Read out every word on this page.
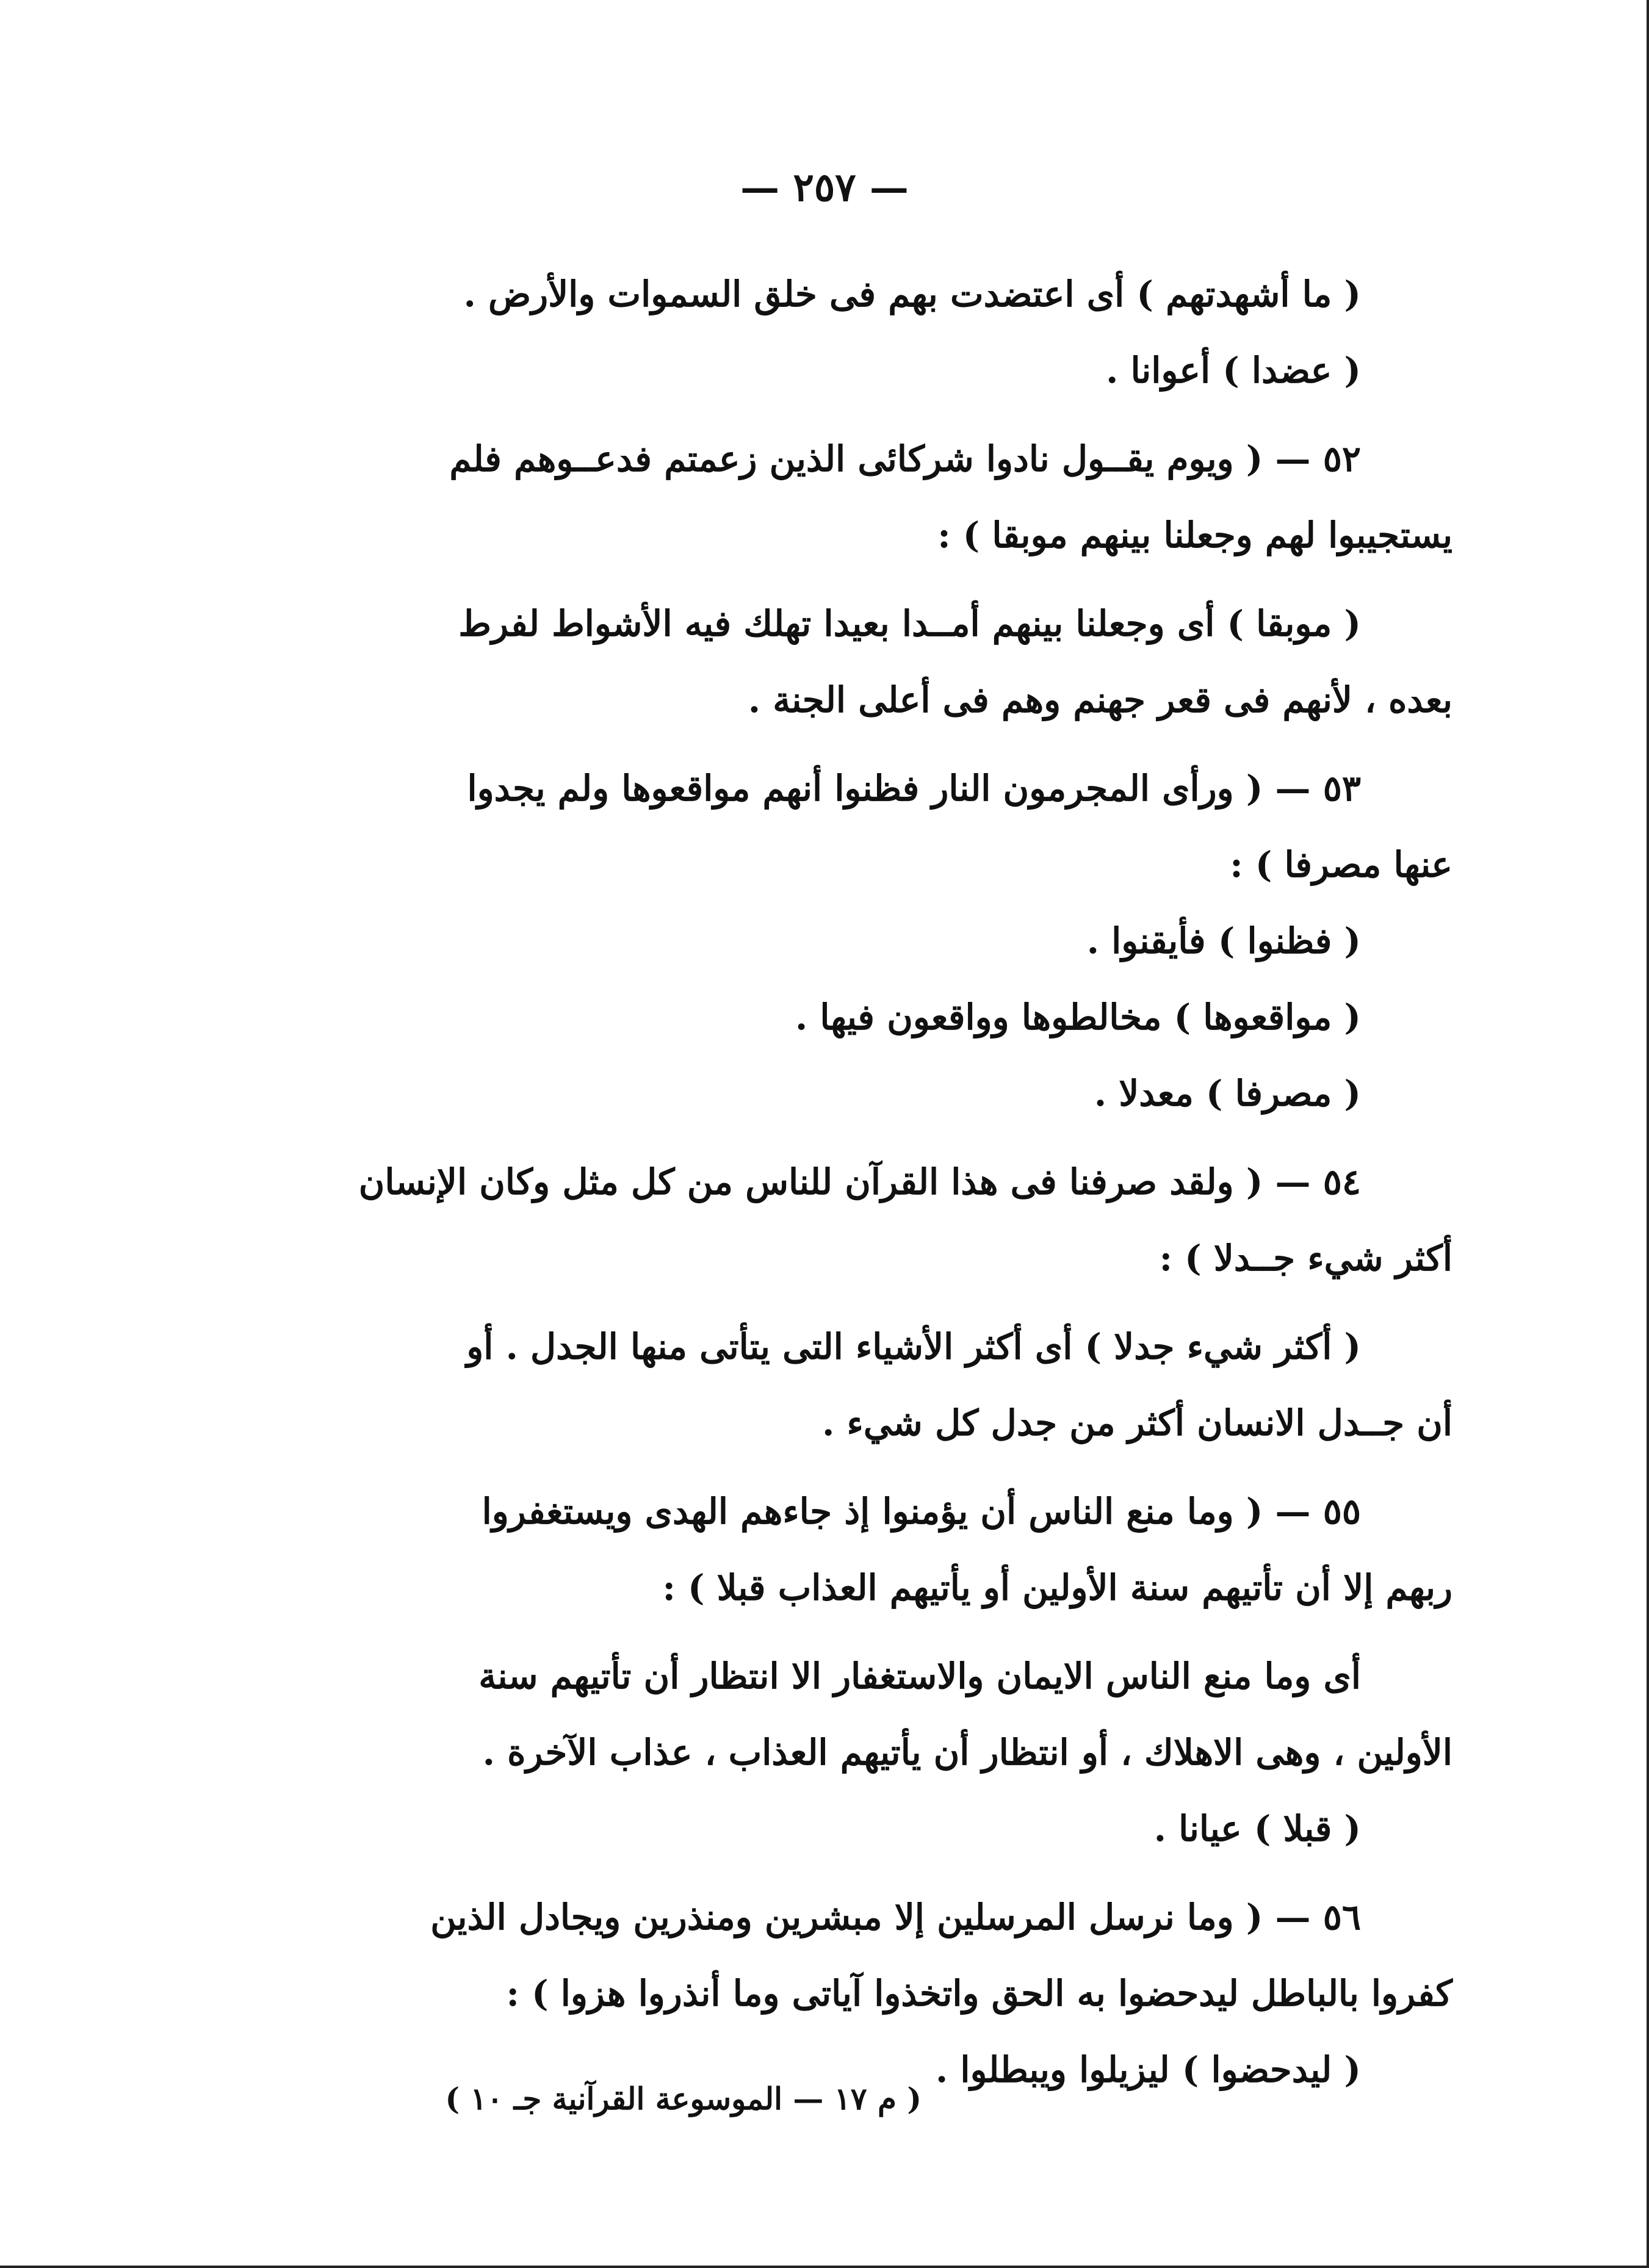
— ٢٥٧ —
( ما أشهدتهم ) أى اعتضدت بهم فى خلق السموات والأرض .
( عضدا ) أعوانا .
٥٢ — ( ويوم يقــول نادوا شركائى الذين زعمتم فدعــوهم فلم
يستجيبوا لهم وجعلنا بينهم موبقا ) :
( موبقا ) أى وجعلنا بينهم أمــدا بعيدا تهلك فيه الأشواط لفرط
بعده ، لأنهم فى قعر جهنم وهم فى أعلى الجنة .
٥٣ — ( ورأى المجرمون النار فظنوا أنهم مواقعوها ولم يجدوا
عنها مصرفا ) :
( فظنوا ) فأيقنوا .
( مواقعوها ) مخالطوها وواقعون فيها .
( مصرفا ) معدلا .
٥٤ — ( ولقد صرفنا فى هذا القرآن للناس من كل مثل وكان الإنسان
أكثر شيء جــدلا ) :
( أكثر شيء جدلا ) أى أكثر الأشياء التى يتأتى منها الجدل . أو
أن جــدل الانسان أكثر من جدل كل شيء .
٥٥ — ( وما منع الناس أن يؤمنوا إذ جاءهم الهدى ويستغفروا
ربهم إلا أن تأتيهم سنة الأولين أو يأتيهم العذاب قبلا ) :
أى وما منع الناس الايمان والاستغفار الا انتظار أن تأتيهم سنة
الأولين ، وهى الاهلاك ، أو انتظار أن يأتيهم العذاب ، عذاب الآخرة .
( قبلا ) عيانا .
٥٦ — ( وما نرسل المرسلين إلا مبشرين ومنذرين ويجادل الذين
كفروا بالباطل ليدحضوا به الحق واتخذوا آياتى وما أنذروا هزوا ) :
( ليدحضوا ) ليزيلوا ويبطلوا .
( م ١٧ — الموسوعة القرآنية جـ ١٠ )
